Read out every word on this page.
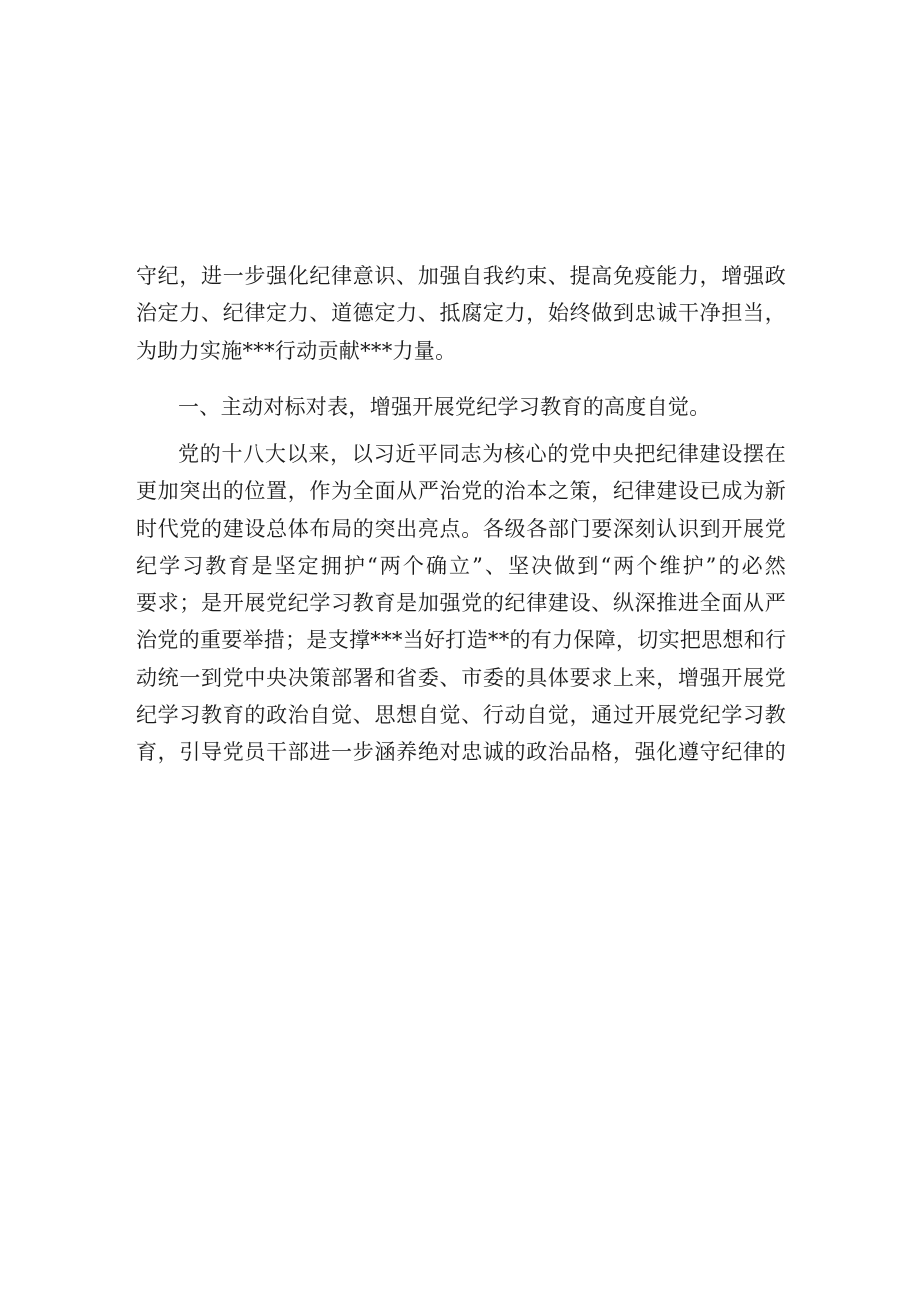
守纪，进一步强化纪律意识、加强自我约束、提高免疫能力，增强政
治定力、纪律定力、道德定力、抵腐定力，始终做到忠诚干净担当，
为助力实施***行动贡献***力量。
一、主动对标对表，增强开展党纪学习教育的高度自觉。
党的十八大以来，以习近平同志为核心的党中央把纪律建设摆在
更加突出的位置，作为全面从严治党的治本之策，纪律建设已成为新
时代党的建设总体布局的突出亮点。各级各部门要深刻认识到开展党
纪学习教育是坚定拥护“两个确立”、坚决做到“两个维护”的必然
要求；是开展党纪学习教育是加强党的纪律建设、纵深推进全面从严
治党的重要举措；是支撑***当好打造**的有力保障，切实把思想和行
动统一到党中央决策部署和省委、市委的具体要求上来，增强开展党
纪学习教育的政治自觉、思想自觉、行动自觉，通过开展党纪学习教
育，引导党员干部进一步涵养绝对忠诚的政治品格，强化遵守纪律的
